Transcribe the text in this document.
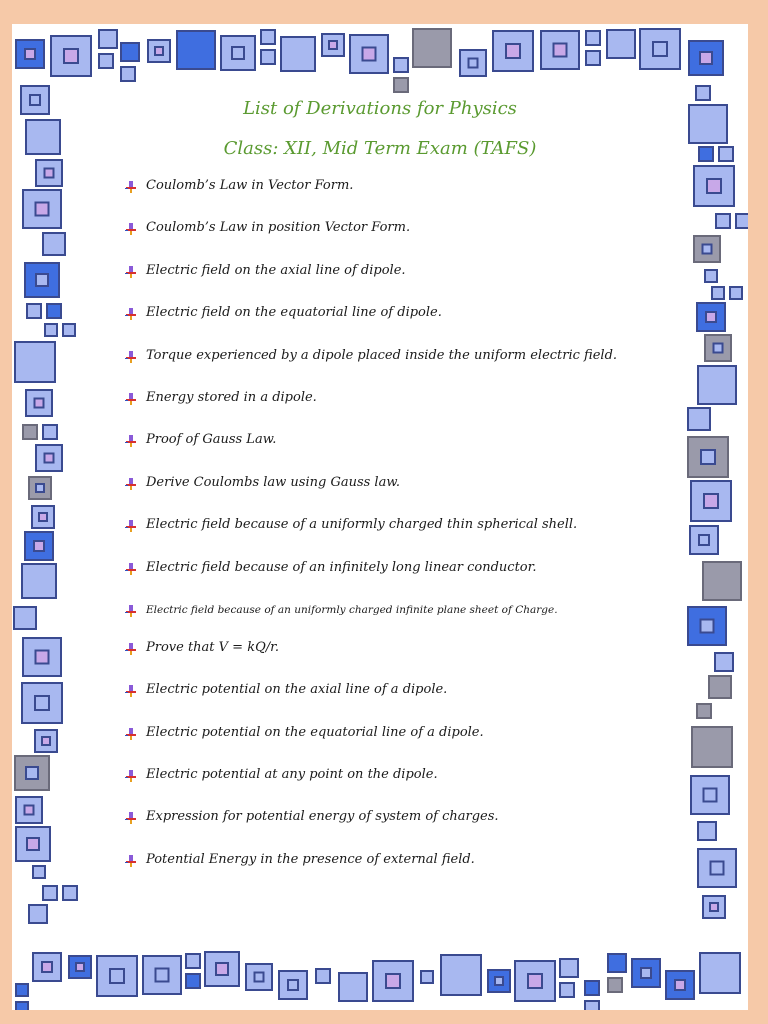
List of Derivations for Physics
Class: XII, Mid Term Exam (TAFS)
Coulomb’s Law in Vector Form.
Coulomb’s Law in position Vector Form.
Electric field on the axial line of dipole.
Electric field on the equatorial line of dipole.
Torque experienced by a dipole placed inside the uniform electric field.
Energy stored in a dipole.
Proof of Gauss Law.
Derive Coulombs law using Gauss law.
Electric field because of a uniformly charged thin spherical shell.
Electric field because of an infinitely long linear conductor.
Electric field because of an uniformly charged infinite plane sheet of Charge.
Prove that V = kQ/r.
Electric potential on the axial line of a dipole.
Electric potential on the equatorial line of a dipole.
Electric potential at any point on the dipole.
Expression for potential energy of system of charges.
Potential Energy in the presence of external field.
